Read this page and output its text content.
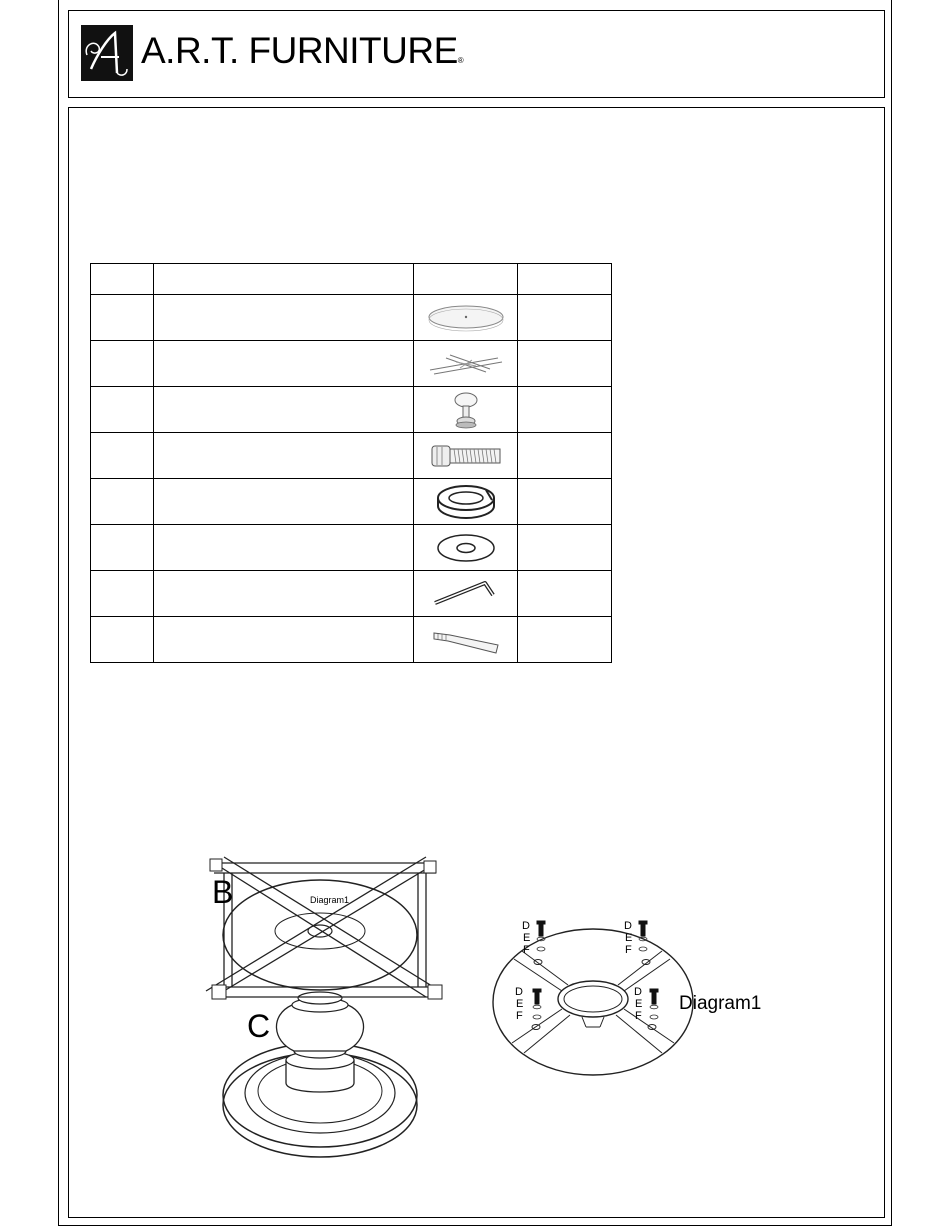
A.R.T. FURNITURE®

B
C
Diagram1
D
E
F
D
E
F
D
E
F
D
E
F
Diagram1
